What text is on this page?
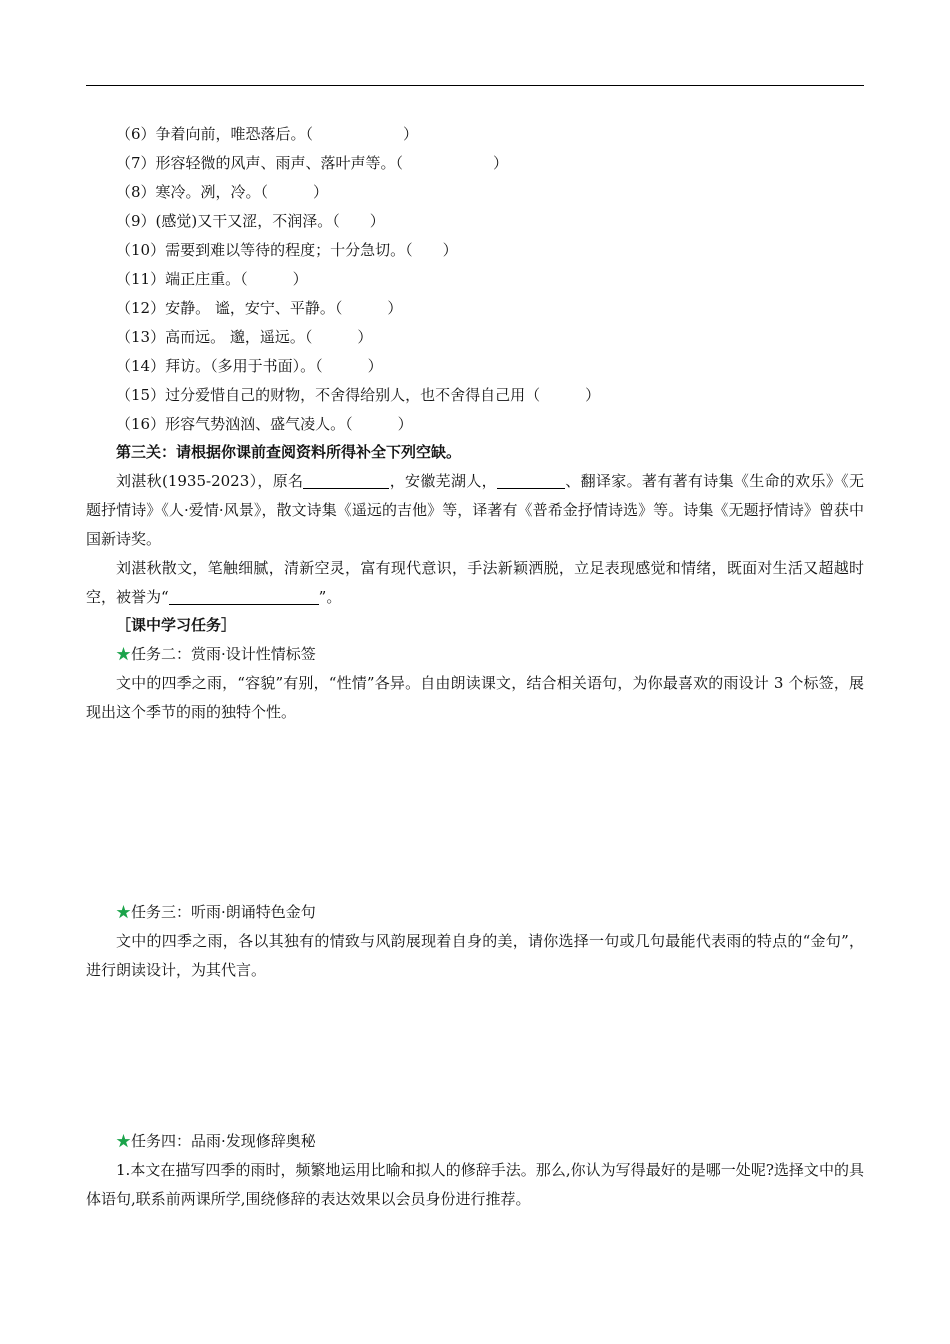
（6）争着向前，唯恐落后。（　　　　　　）
（7）形容轻微的风声、雨声、落叶声等。（　　　　　　）
（8）寒冷。冽，冷。（　　　）
（9）(感觉)又干又涩，不润泽。（　　）
（10）需要到难以等待的程度；十分急切。（　　）
（11）端正庄重。（　　　）
（12）安静。 谧，安宁、平静。（　　　）
（13）高而远。 邈，遥远。（　　　）
（14）拜访。（多用于书面）。（　　　）
（15）过分爱惜自己的财物，不舍得给别人，也不舍得自己用（　　　）
（16）形容气势汹汹、盛气凌人。（　　　）
第三关：请根据你课前查阅资料所得补全下列空缺。
刘湛秋(1935-2023），原名	，安徽芜湖人，	、翻译家。著有著有诗集《生命的欢乐》《无题抒情诗》《人·爱情·风景》，散文诗集《遥远的吉他》等，译著有《普希金抒情诗选》等。诗集《无题抒情诗》曾获中国新诗奖。
刘湛秋散文，笔触细腻，清新空灵，富有现代意识，手法新颖洒脱，立足表现感觉和情绪，既面对生活又超越时空，被誉为“	”。
［课中学习任务］
★任务二：赏雨·设计性情标签
文中的四季之雨，“容貌”有别，“性情”各异。自由朗读课文，结合相关语句，为你最喜欢的雨设计 3 个标签，展现出这个季节的雨的独特个性。
★任务三：听雨·朗诵特色金句
文中的四季之雨，各以其独有的情致与风韵展现着自身的美，请你选择一句或几句最能代表雨的特点的“金句”，进行朗读设计，为其代言。
★任务四：品雨·发现修辞奥秘
1.本文在描写四季的雨时，频繁地运用比喻和拟人的修辞手法。那么,你认为写得最好的是哪一处呢?选择文中的具体语句,联系前两课所学,围绕修辞的表达效果以会员身份进行推荐。
